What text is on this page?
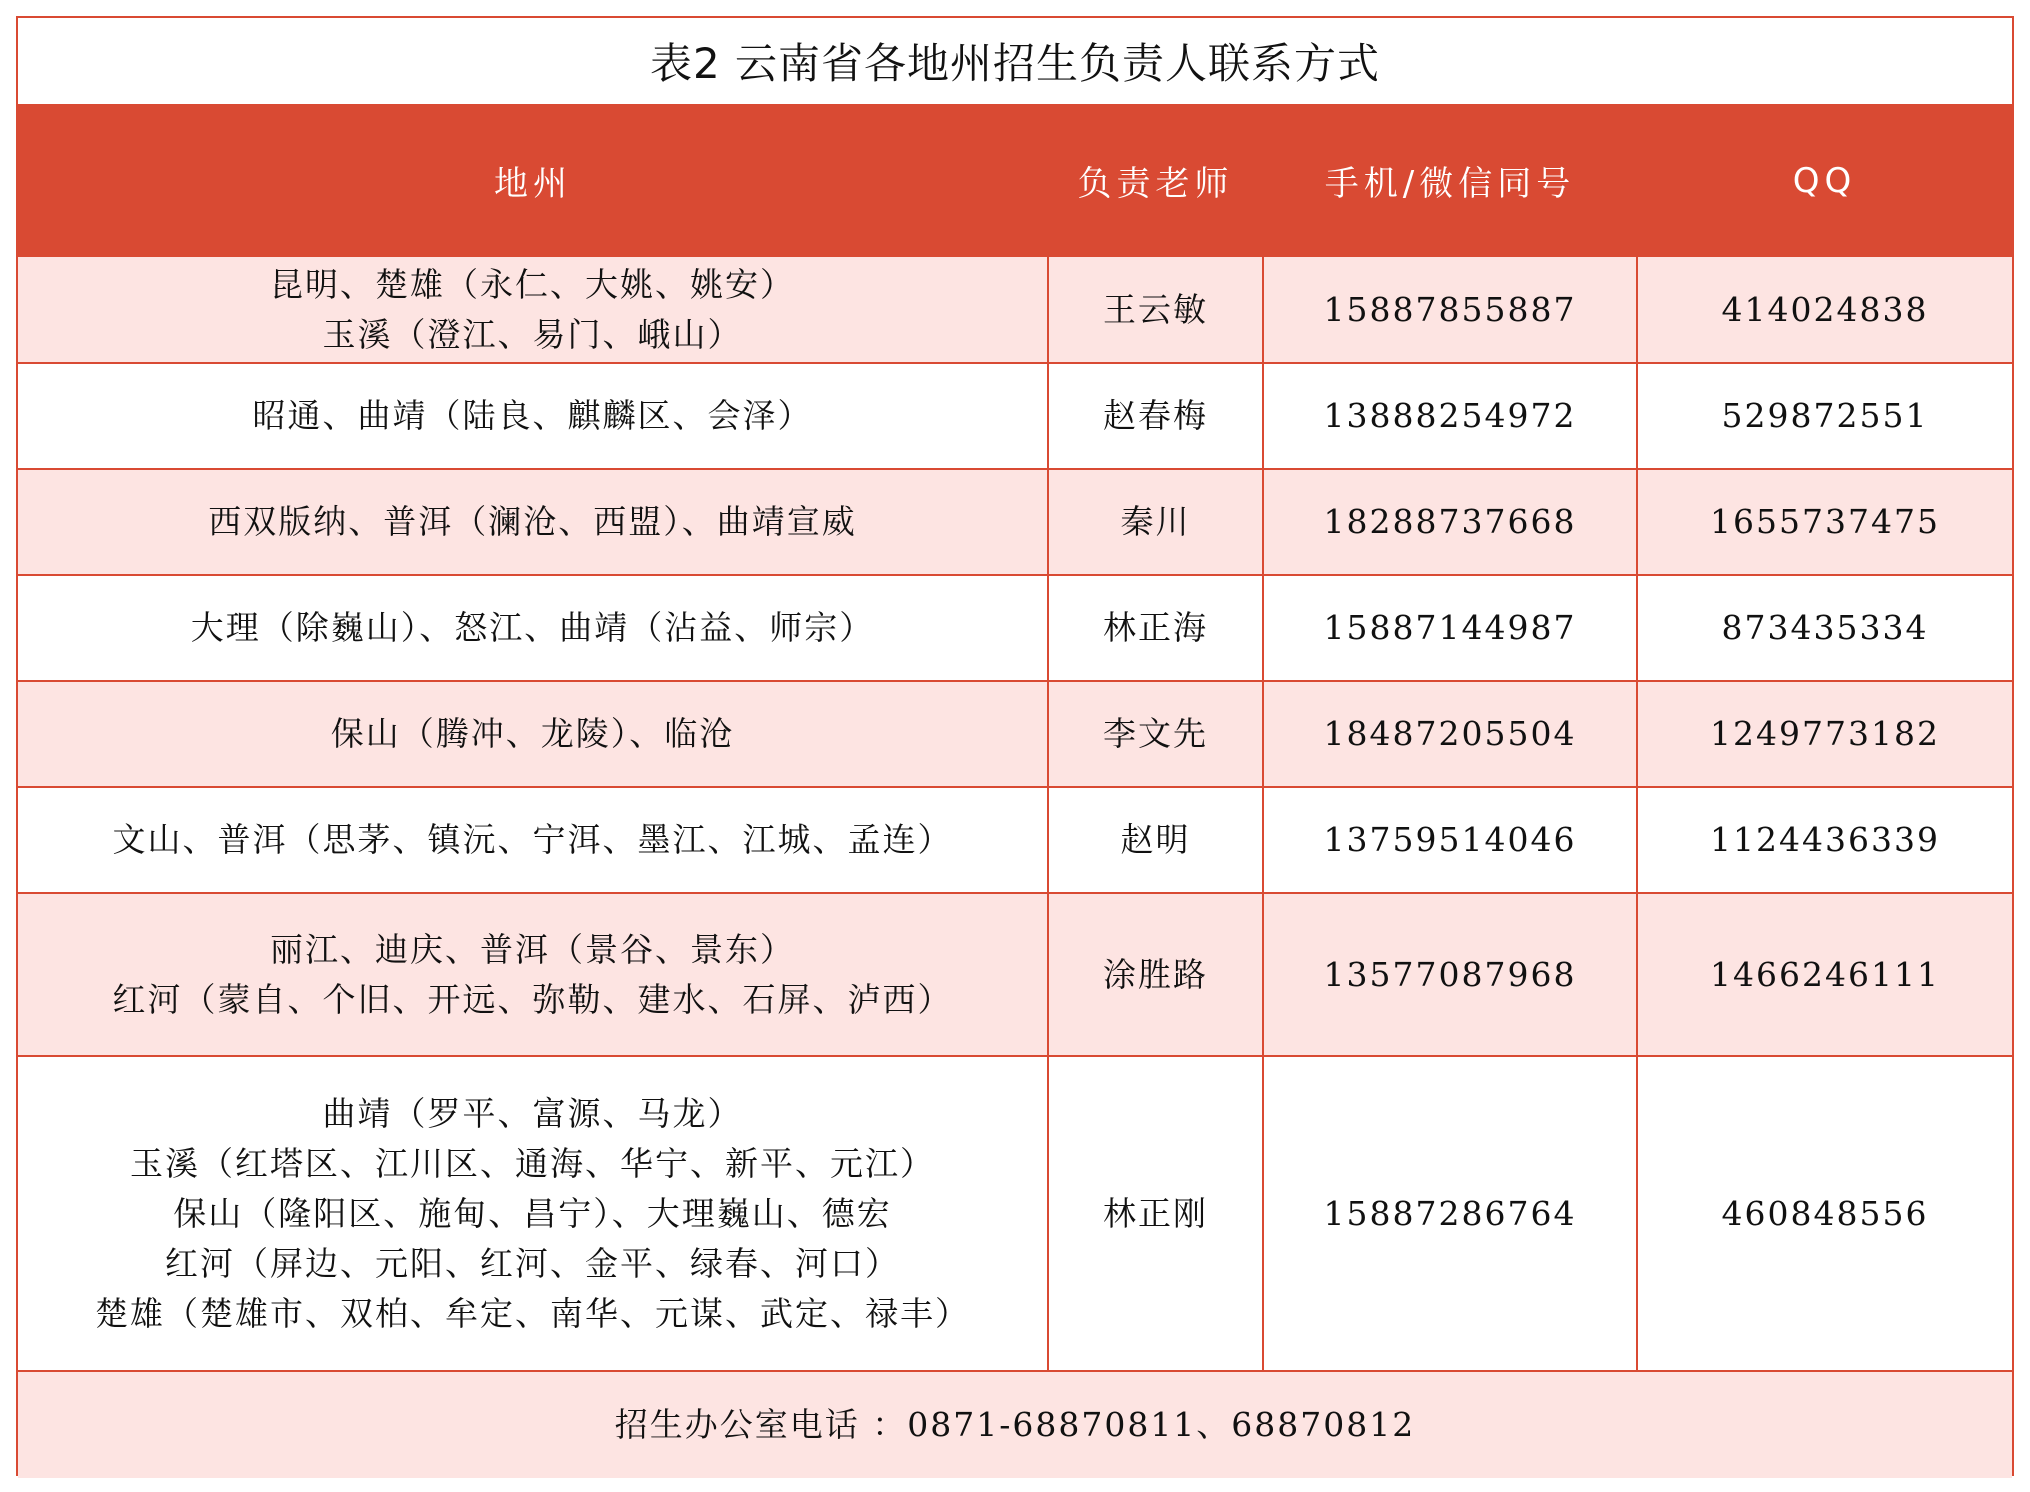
表2 云南省各地州招生负责人联系方式
地州	负责老师	手机/微信同号	QQ

昆明、楚雄（永仁、大姚、姚安）
玉溪（澄江、易门、峨山）	王云敏	15887855887	414024838

昭通、曲靖（陆良、麒麟区、会泽）	赵春梅	13888254972	529872551

西双版纳、普洱（澜沧、西盟）、曲靖宣威	秦川	18288737668	1655737475

大理（除巍山）、怒江、曲靖（沾益、师宗）	林正海	15887144987	873435334

保山（腾冲、龙陵）、临沧	李文先	18487205504	1249773182

文山、普洱（思茅、镇沅、宁洱、墨江、江城、孟连）	赵明	13759514046	1124436339

丽江、迪庆、普洱（景谷、景东）
红河（蒙自、个旧、开远、弥勒、建水、石屏、泸西）	涂胜路	13577087968	1466246111

曲靖（罗平、富源、马龙）
玉溪（红塔区、江川区、通海、华宁、新平、元江）
保山（隆阳区、施甸、昌宁）、大理巍山、德宏
红河（屏边、元阳、红河、金平、绿春、河口）
楚雄（楚雄市、双柏、牟定、南华、元谋、武定、禄丰）	林正刚	15887286764	460848556
招生办公室电话 ：0871-68870811、68870812			
